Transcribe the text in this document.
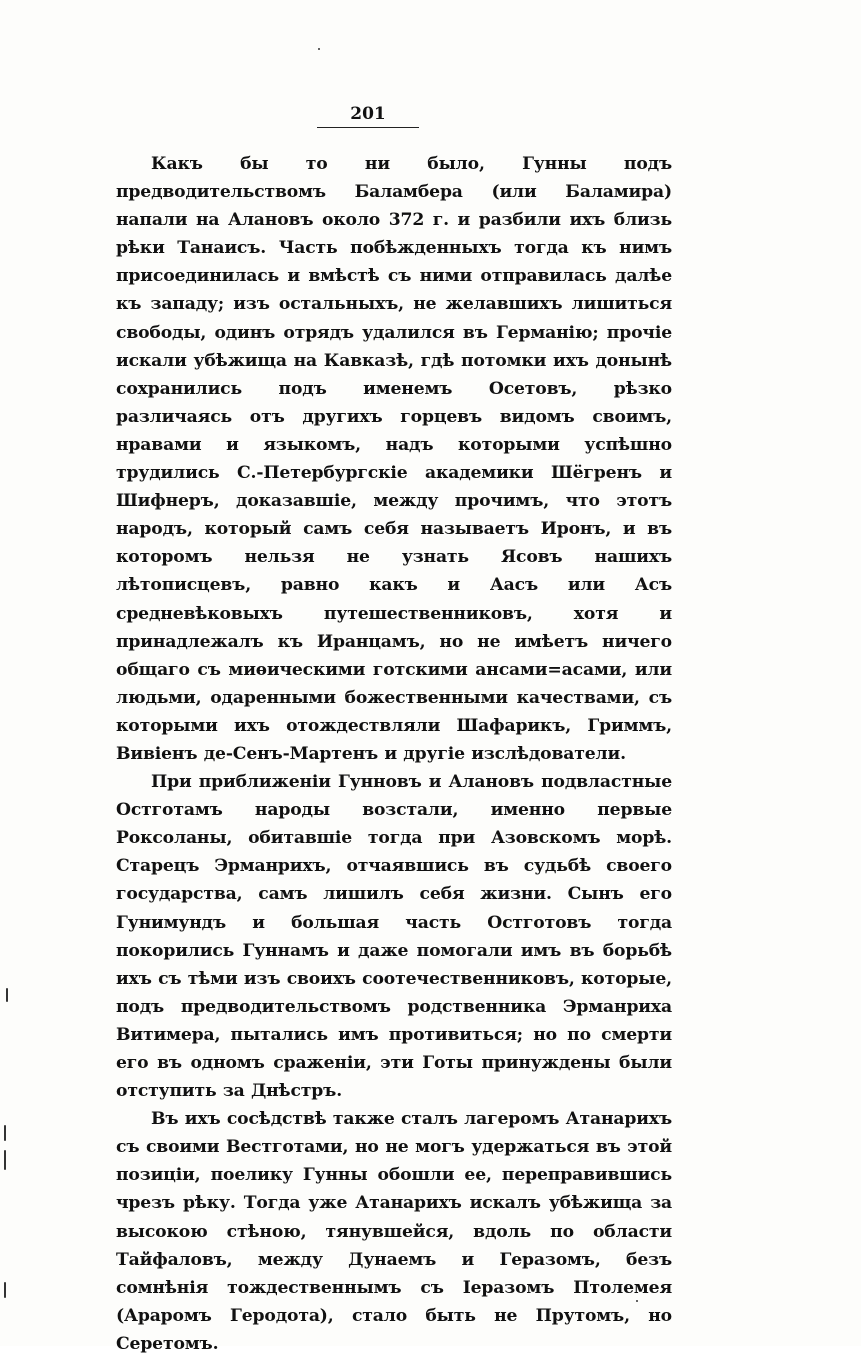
201

Какъ бы то ни было, Гунны подъ предводительствомъ Баламбера (или Баламира) напали на Алановъ около 372 г. и разбили ихъ близь рѣки Танаисъ. Часть побѣжденныхъ тогда къ нимъ присоединилась и вмѣстѣ съ ними отправилась далѣе къ западу; изъ остальныхъ, не желавшихъ лишиться свободы, одинъ отрядъ удалился въ Германію; прочіе искали убѣжища на Кавказѣ, гдѣ потомки ихъ донынѣ сохранились подъ именемъ Осетовъ, рѣзко различаясь отъ другихъ горцевъ видомъ своимъ, нравами и языкомъ, надъ которыми успѣшно трудились С.-Петербургскіе академики Шёгренъ и Шифнеръ, доказавшіе, между прочимъ, что этотъ народъ, который самъ себя называетъ Иронъ, и въ которомъ нельзя не узнать Ясовъ нашихъ лѣтописцевъ, равно какъ и Аасъ или Асъ средневѣковыхъ путешественниковъ, хотя и принадлежалъ къ Иранцамъ, но не имѣетъ ничего общаго съ миѳическими готскими ансами=асами, или людьми, одаренными божественными качествами, съ которыми ихъ отождествляли Шафарикъ, Гриммъ, Вивіенъ де-Сенъ-Мартенъ и другіе изслѣдователи.

При приближеніи Гунновъ и Алановъ подвластные Остготамъ народы возстали, именно первые Роксоланы, обитавшіе тогда при Азовскомъ морѣ. Старецъ Эрманрихъ, отчаявшись въ судьбѣ своего государства, самъ лишилъ себя жизни. Сынъ его Гунимундъ и большая часть Остготовъ тогда покорились Гуннамъ и даже помогали имъ въ борьбѣ ихъ съ тѣми изъ своихъ соотечественниковъ, которые, подъ предводительствомъ родственника Эрманриха Витимера, пытались имъ противиться; но по смерти его въ одномъ сраженіи, эти Готы принуждены были отступить за Днѣстръ.

Въ ихъ сосѣдствѣ также сталъ лагеромъ Атанарихъ съ своими Вестготами, но не могъ удержаться въ этой позиціи, поелику Гунны обошли ее, переправившись чрезъ рѣку. Тогда уже Атанарихъ искалъ убѣжища за высокою стѣною, тянувшейся, вдоль по области Тайфаловъ, между Дунаемъ и Геразомъ, безъ сомнѣнія тождественнымъ съ Іеразомъ Птолемея (Араромъ Геродота), стало быть не Прутомъ, но Серетомъ.
